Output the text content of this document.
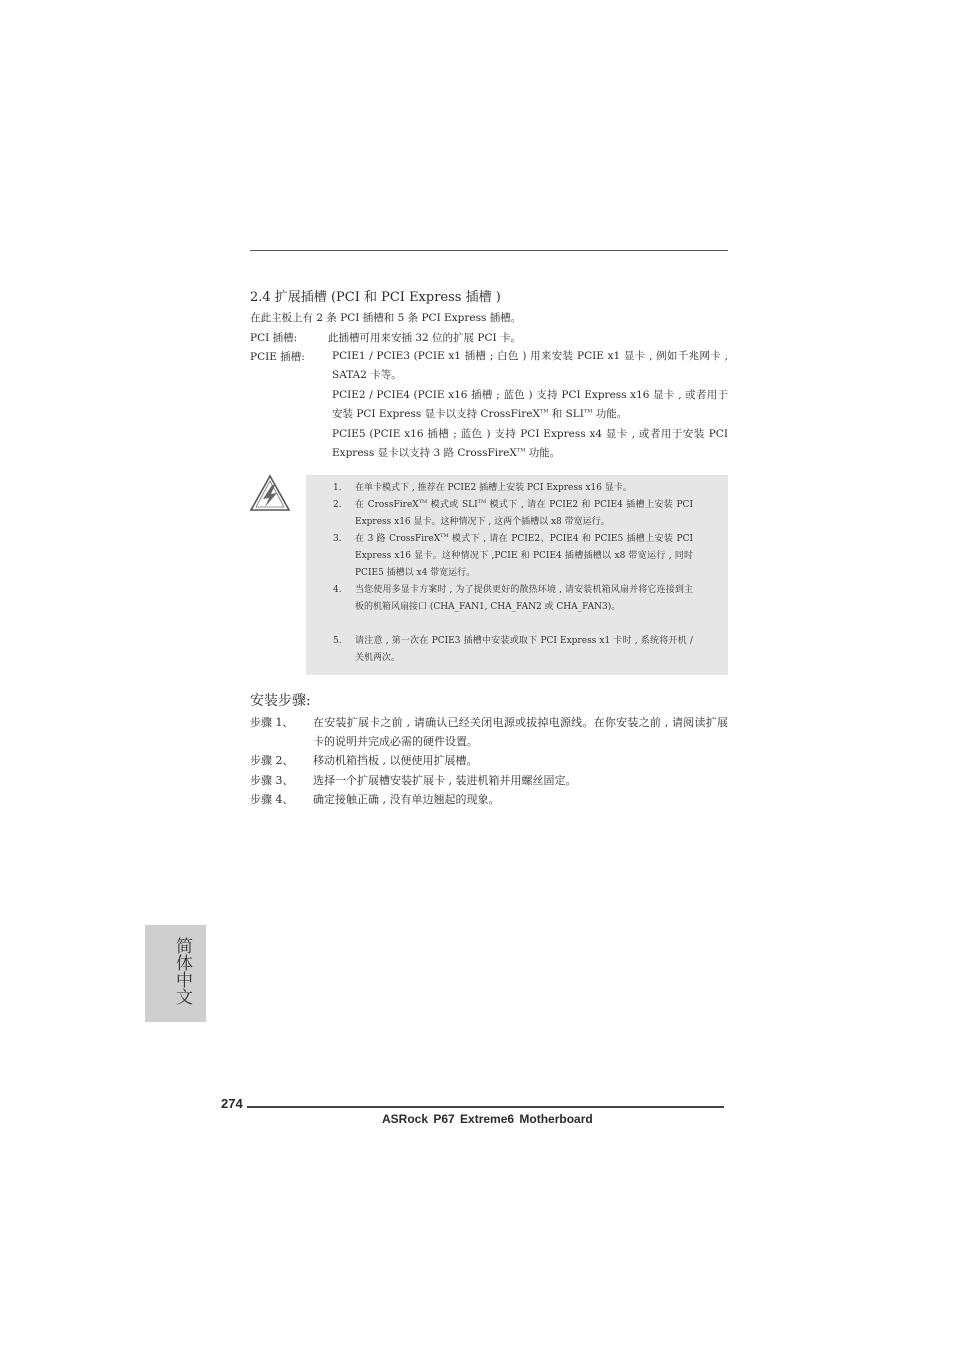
2.4 扩展插槽 (PCI 和 PCI Express 插槽 )
在此主板上有 2 条 PCI 插槽和 5 条 PCI Express 插槽。
PCI 插槽:	此插槽可用来安插 32 位的扩展 PCI 卡。
PCIE 插槽:	PCIE1 / PCIE3 (PCIE x1 插槽 ; 白色 ) 用来安装 PCIE x1 显卡 , 例如千兆网卡 , SATA2 卡等。
PCIE2 / PCIE4 (PCIE x16 插槽 ; 蓝色 ) 支持 PCI Express x16 显卡 , 或者用于安装 PCI Express 显卡以支持 CrossFireX™ 和 SLI™ 功能。
PCIE5 (PCIE x16 插槽 ; 蓝色 ) 支持 PCI Express x4 显卡 , 或者用于安装 PCI Express 显卡以支持 3 路 CrossFireX™ 功能。
1.	在单卡模式下 , 推荐在 PCIE2 插槽上安装 PCI Express x16 显卡。
2.	在 CrossFireX™ 模式或 SLI™ 模式下 , 请在 PCIE2 和 PCIE4 插槽上安装 PCI Express x16 显卡。这种情况下 , 这两个插槽以 x8 带宽运行。
3.	在 3 路 CrossFireX™ 模式下 , 请在 PCIE2、PCIE4 和 PCIE5 插槽上安装 PCI Express x16 显卡。这种情况下 ,PCIE 和 PCIE4 插槽插槽以 x8 带宽运行 , 同时 PCIE5 插槽以 x4 带宽运行。
4.	当您使用多显卡方案时 , 为了提供更好的散热环境 , 请安装机箱风扇并将它连接到主板的机箱风扇接口 (CHA_FAN1, CHA_FAN2 或 CHA_FAN3)。
5.	请注意 , 第一次在 PCIE3 插槽中安装或取下 PCI Express x1 卡时 , 系统将开机 / 关机两次。
安装步骤:
步骤 1、 在安装扩展卡之前 , 请确认已经关闭电源或拔掉电源线。在你安装之前 , 请阅读扩展卡的说明并完成必需的硬件设置。
步骤 2、 移动机箱挡板 , 以便使用扩展槽。
步骤 3、 选择一个扩展槽安装扩展卡 , 装进机箱并用螺丝固定。
步骤 4、 确定接触正确 , 没有单边翘起的现象。
简体中文
274
ASRock P67 Extreme6 Motherboard
